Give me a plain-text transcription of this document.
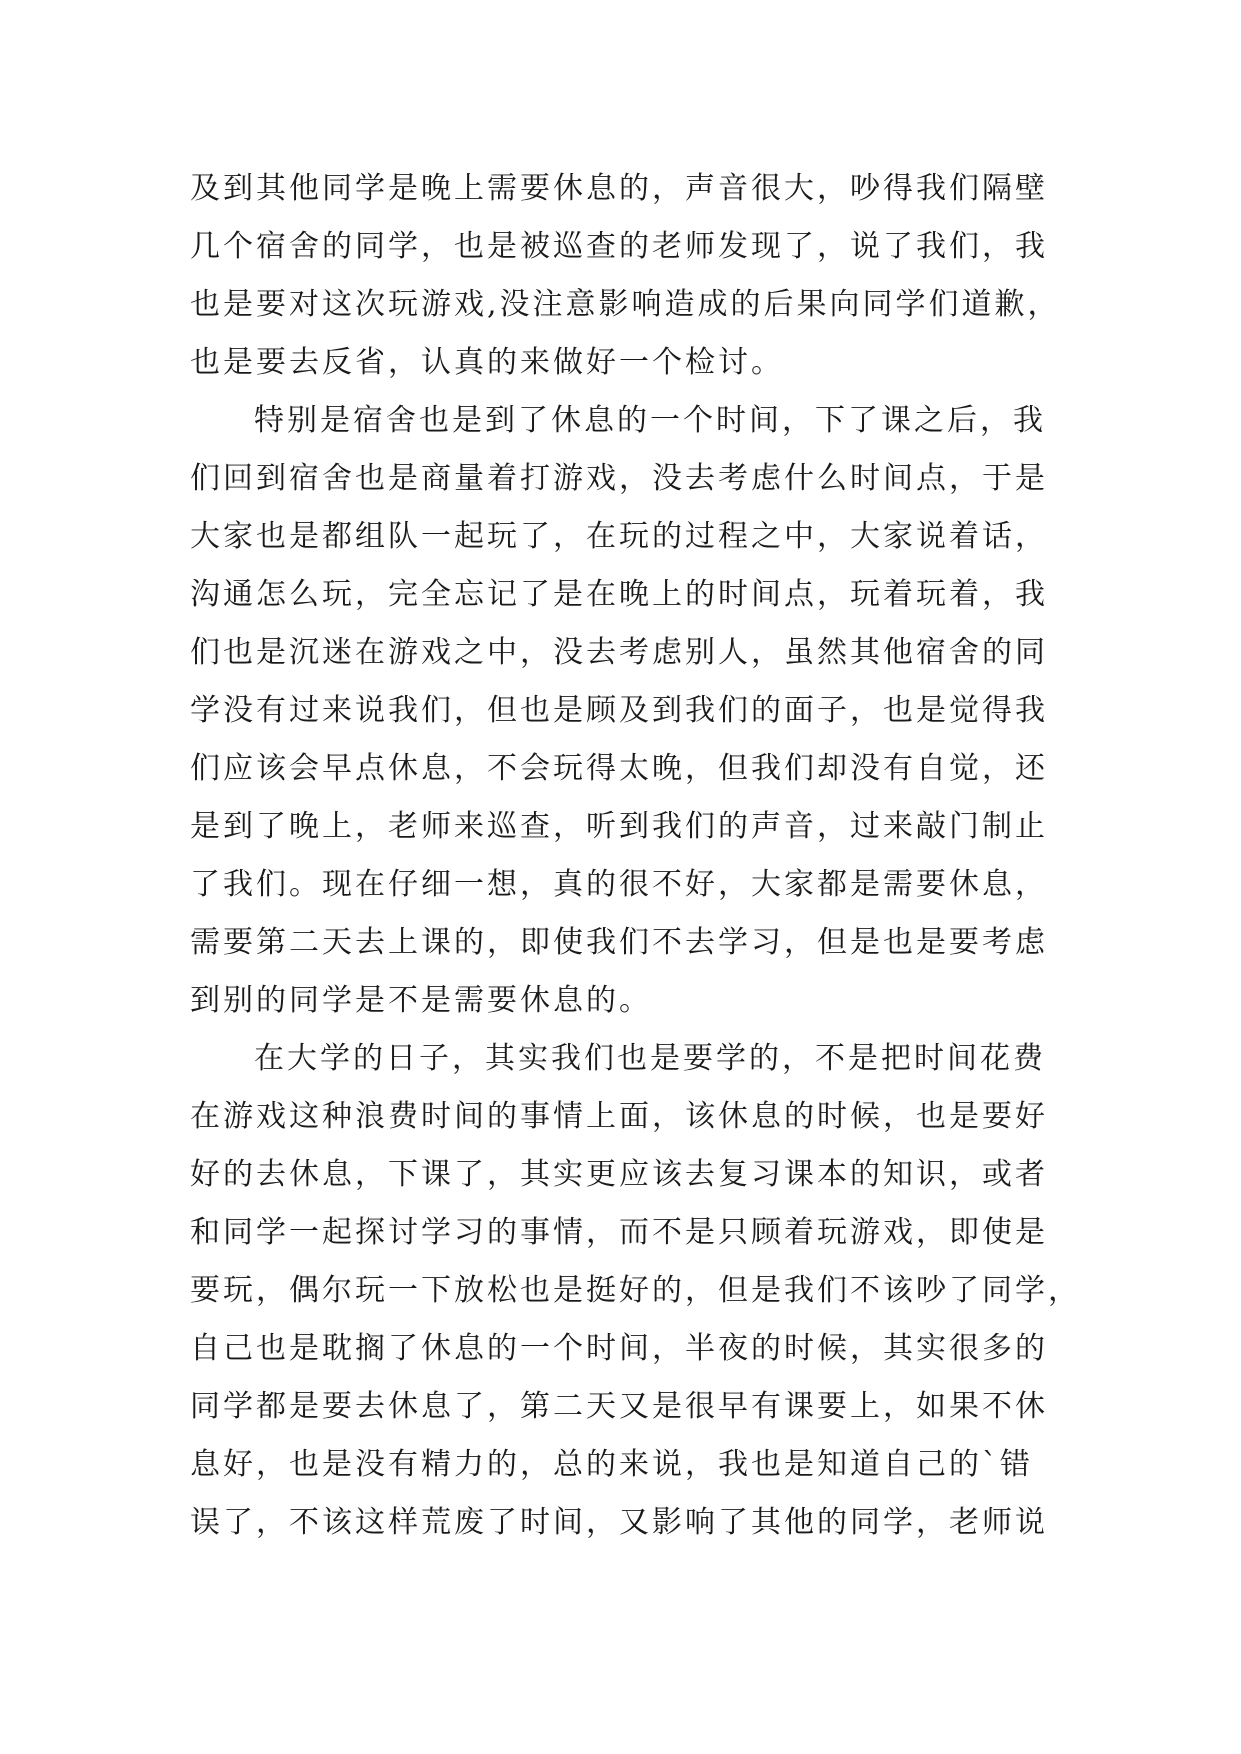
及到其他同学是晚上需要休息的，声音很大，吵得我们隔壁
几个宿舍的同学，也是被巡查的老师发现了，说了我们，我
也是要对这次玩游戏,没注意影响造成的后果向同学们道歉，
也是要去反省，认真的来做好一个检讨。
特别是宿舍也是到了休息的一个时间，下了课之后，我
们回到宿舍也是商量着打游戏，没去考虑什么时间点，于是
大家也是都组队一起玩了，在玩的过程之中，大家说着话，
沟通怎么玩，完全忘记了是在晚上的时间点，玩着玩着，我
们也是沉迷在游戏之中，没去考虑别人，虽然其他宿舍的同
学没有过来说我们，但也是顾及到我们的面子，也是觉得我
们应该会早点休息，不会玩得太晚，但我们却没有自觉，还
是到了晚上，老师来巡查，听到我们的声音，过来敲门制止
了我们。现在仔细一想，真的很不好，大家都是需要休息，
需要第二天去上课的，即使我们不去学习，但是也是要考虑
到别的同学是不是需要休息的。
在大学的日子，其实我们也是要学的，不是把时间花费
在游戏这种浪费时间的事情上面，该休息的时候，也是要好
好的去休息，下课了，其实更应该去复习课本的知识，或者
和同学一起探讨学习的事情，而不是只顾着玩游戏，即使是
要玩，偶尔玩一下放松也是挺好的，但是我们不该吵了同学，
自己也是耽搁了休息的一个时间，半夜的时候，其实很多的
同学都是要去休息了，第二天又是很早有课要上，如果不休
息好，也是没有精力的，总的来说，我也是知道自己的`错
误了，不该这样荒废了时间，又影响了其他的同学，老师说
